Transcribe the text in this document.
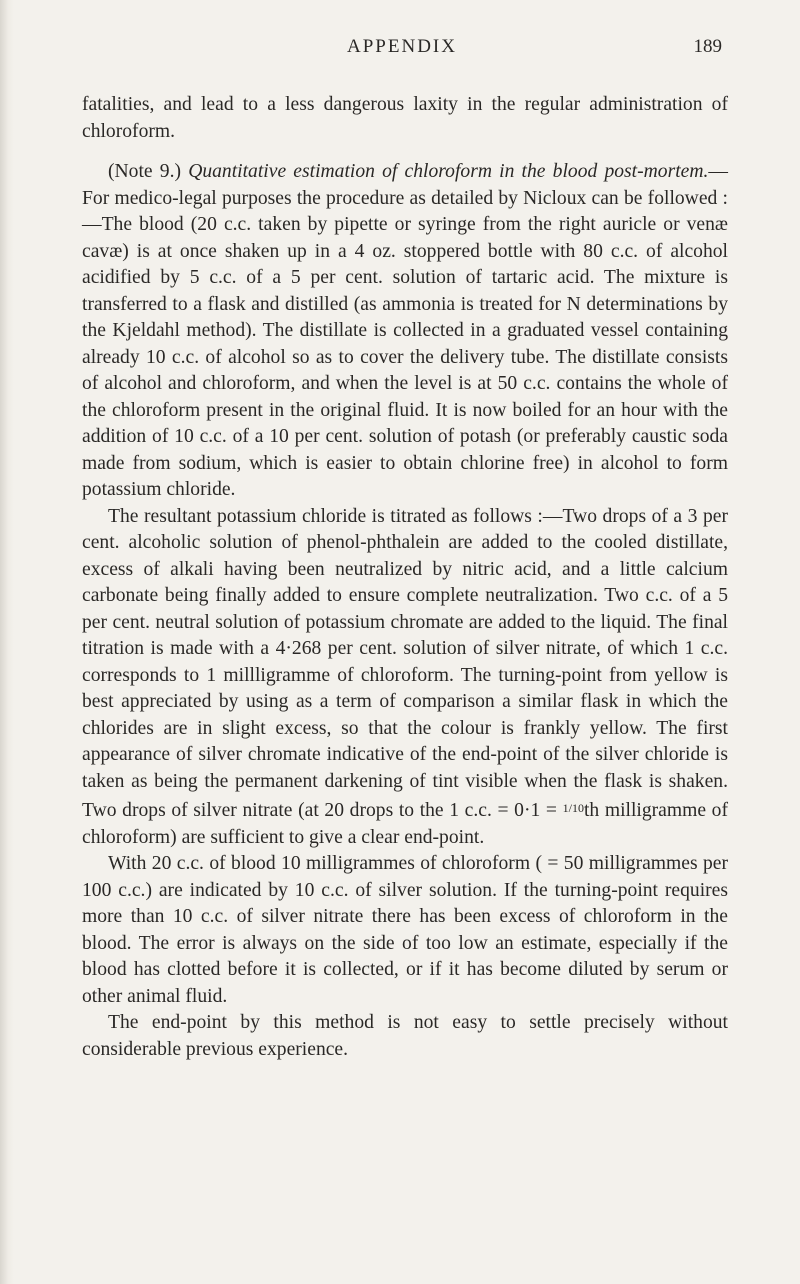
APPENDIX	189

fatalities, and lead to a less dangerous laxity in the regular administration of chloroform.

(Note 9.) Quantitative estimation of chloroform in the blood post-mortem.—For medico-legal purposes the procedure as detailed by Nicloux can be followed :—The blood (20 c.c. taken by pipette or syringe from the right auricle or venæ cavæ) is at once shaken up in a 4 oz. stoppered bottle with 80 c.c. of alcohol acidified by 5 c.c. of a 5 per cent. solution of tartaric acid. The mixture is transferred to a flask and distilled (as ammonia is treated for N determinations by the Kjeldahl method). The distillate is collected in a graduated vessel containing already 10 c.c. of alcohol so as to cover the delivery tube. The distillate consists of alcohol and chloroform, and when the level is at 50 c.c. contains the whole of the chloroform present in the original fluid. It is now boiled for an hour with the addition of 10 c.c. of a 10 per cent. solution of potash (or preferably caustic soda made from sodium, which is easier to obtain chlorine free) in alcohol to form potassium chloride.

The resultant potassium chloride is titrated as follows :—Two drops of a 3 per cent. alcoholic solution of phenol-phthalein are added to the cooled distillate, excess of alkali having been neutralized by nitric acid, and a little calcium carbonate being finally added to ensure complete neutralization. Two c.c. of a 5 per cent. neutral solution of potassium chromate are added to the liquid. The final titration is made with a 4·268 per cent. solution of silver nitrate, of which 1 c.c. corresponds to 1 millligramme of chloroform. The turning-point from yellow is best appreciated by using as a term of comparison a similar flask in which the chlorides are in slight excess, so that the colour is frankly yellow. The first appearance of silver chromate indicative of the end-point of the silver chloride is taken as being the permanent darkening of tint visible when the flask is shaken. Two drops of silver nitrate (at 20 drops to the 1 c.c. = 0·1 = $^{1/10}$th milligramme of chloroform) are sufficient to give a clear end-point.

With 20 c.c. of blood 10 milligrammes of chloroform ( = 50 milligrammes per 100 c.c.) are indicated by 10 c.c. of silver solution. If the turning-point requires more than 10 c.c. of silver nitrate there has been excess of chloroform in the blood. The error is always on the side of too low an estimate, especially if the blood has clotted before it is collected, or if it has become diluted by serum or other animal fluid.

The end-point by this method is not easy to settle precisely without considerable previous experience.
